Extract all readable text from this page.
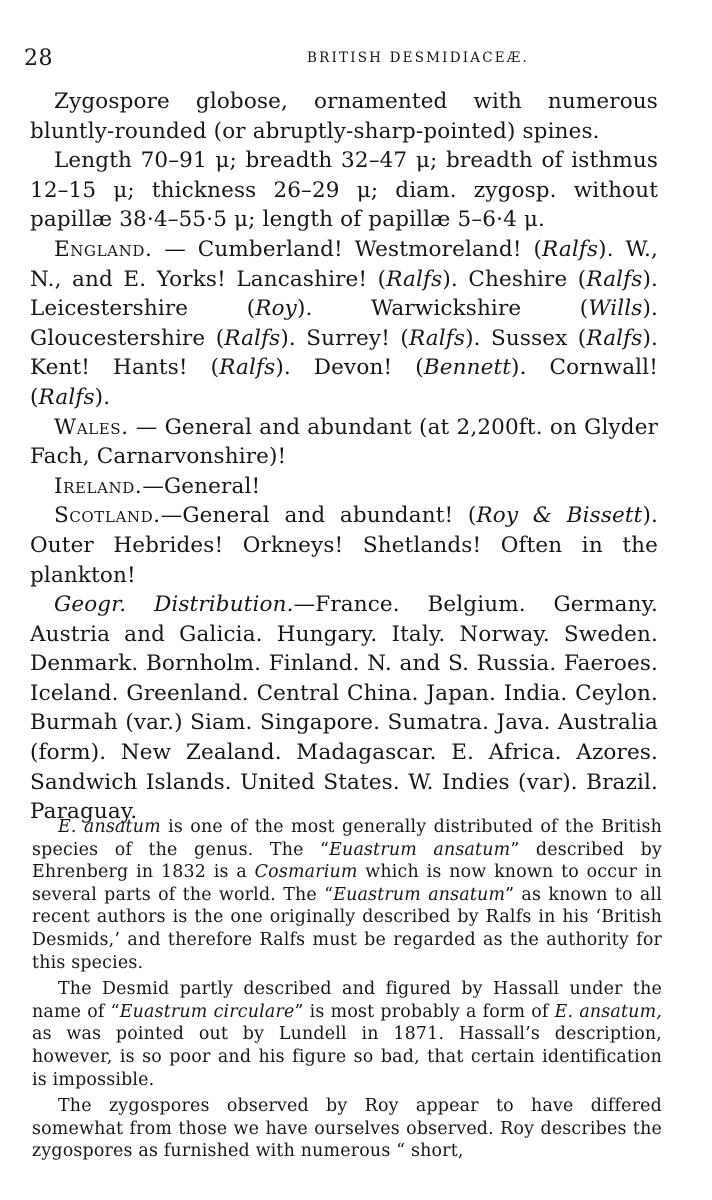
28	BRITISH DESMIDIACEÆ.

Zygospore globose, ornamented with numerous bluntly-rounded (or abruptly-sharp-pointed) spines.

Length 70–91 μ; breadth 32–47 μ; breadth of isthmus 12–15 μ; thickness 26–29 μ; diam. zygosp. without papillæ 38·4–55·5 μ; length of papillæ 5–6·4 μ.

England. — Cumberland! Westmoreland! (Ralfs). W., N., and E. Yorks! Lancashire! (Ralfs). Cheshire (Ralfs). Leicestershire (Roy). Warwickshire (Wills). Gloucestershire (Ralfs). Surrey! (Ralfs). Sussex (Ralfs). Kent! Hants! (Ralfs). Devon! (Bennett). Cornwall! (Ralfs).

Wales. — General and abundant (at 2,200ft. on Glyder Fach, Carnarvonshire)!

Ireland.—General!

Scotland.—General and abundant! (Roy & Bissett). Outer Hebrides! Orkneys! Shetlands! Often in the plankton!

Geogr. Distribution.—France. Belgium. Germany. Austria and Galicia. Hungary. Italy. Norway. Sweden. Denmark. Bornholm. Finland. N. and S. Russia. Faeroes. Iceland. Greenland. Central China. Japan. India. Ceylon. Burmah (var.) Siam. Singapore. Sumatra. Java. Australia (form). New Zealand. Madagascar. E. Africa. Azores. Sandwich Islands. United States. W. Indies (var). Brazil. Paraguay.

E. ansatum is one of the most generally distributed of the British species of the genus. The “Euastrum ansatum” described by Ehrenberg in 1832 is a Cosmarium which is now known to occur in several parts of the world. The “Euastrum ansatum” as known to all recent authors is the one originally described by Ralfs in his ‘British Desmids,’ and therefore Ralfs must be regarded as the authority for this species.

The Desmid partly described and figured by Hassall under the name of “Euastrum circulare” is most probably a form of E. ansatum, as was pointed out by Lundell in 1871. Hassall’s description, however, is so poor and his figure so bad, that certain identification is impossible.

The zygospores observed by Roy appear to have differed somewhat from those we have ourselves observed. Roy describes the zygospores as furnished with numerous “ short,
